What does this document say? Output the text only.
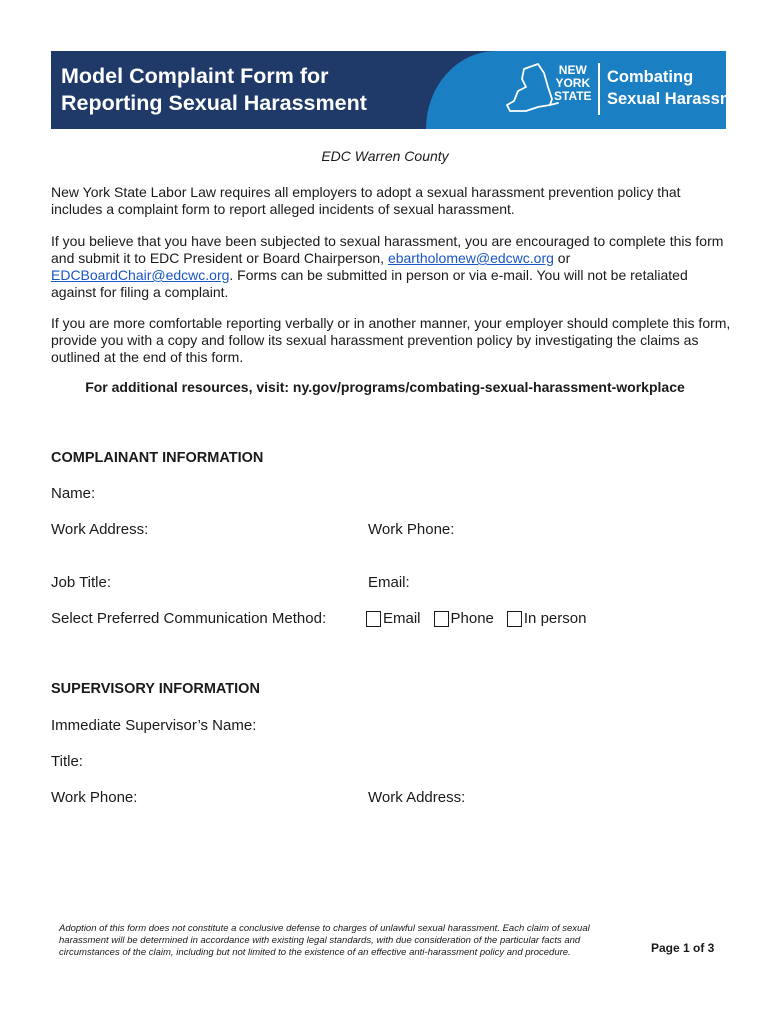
Model Complaint Form for
Reporting Sexual Harassment
NEW
YORK
STATE
Combating
Sexual Harassment
EDC Warren County

New York State Labor Law requires all employers to adopt a sexual harassment prevention policy that includes a complaint form to report alleged incidents of sexual harassment.

If you believe that you have been subjected to sexual harassment, you are encouraged to complete this form and submit it to EDC President or Board Chairperson, ebartholomew@edcwc.org or EDCBoardChair@edcwc.org. Forms can be submitted in person or via e-mail. You will not be retaliated against for filing a complaint.

If you are more comfortable reporting verbally or in another manner, your employer should complete this form, provide you with a copy and follow its sexual harassment prevention policy by investigating the claims as outlined at the end of this form.

For additional resources, visit: ny.gov/programs/combating-sexual-harassment-workplace
COMPLAINANT INFORMATION
Name:
Work Address:	Work Phone:
Job Title:	Email:
Select Preferred Communication Method:	Email Phone In person
SUPERVISORY INFORMATION
Immediate Supervisor’s Name:
Title:
Work Phone:	Work Address:
Adoption of this form does not constitute a conclusive defense to charges of unlawful sexual harassment. Each claim of sexual harassment will be determined in accordance with existing legal standards, with due consideration of the particular facts and circumstances of the claim, including but not limited to the existence of an effective anti-harassment policy and procedure.	Page 1 of 3
